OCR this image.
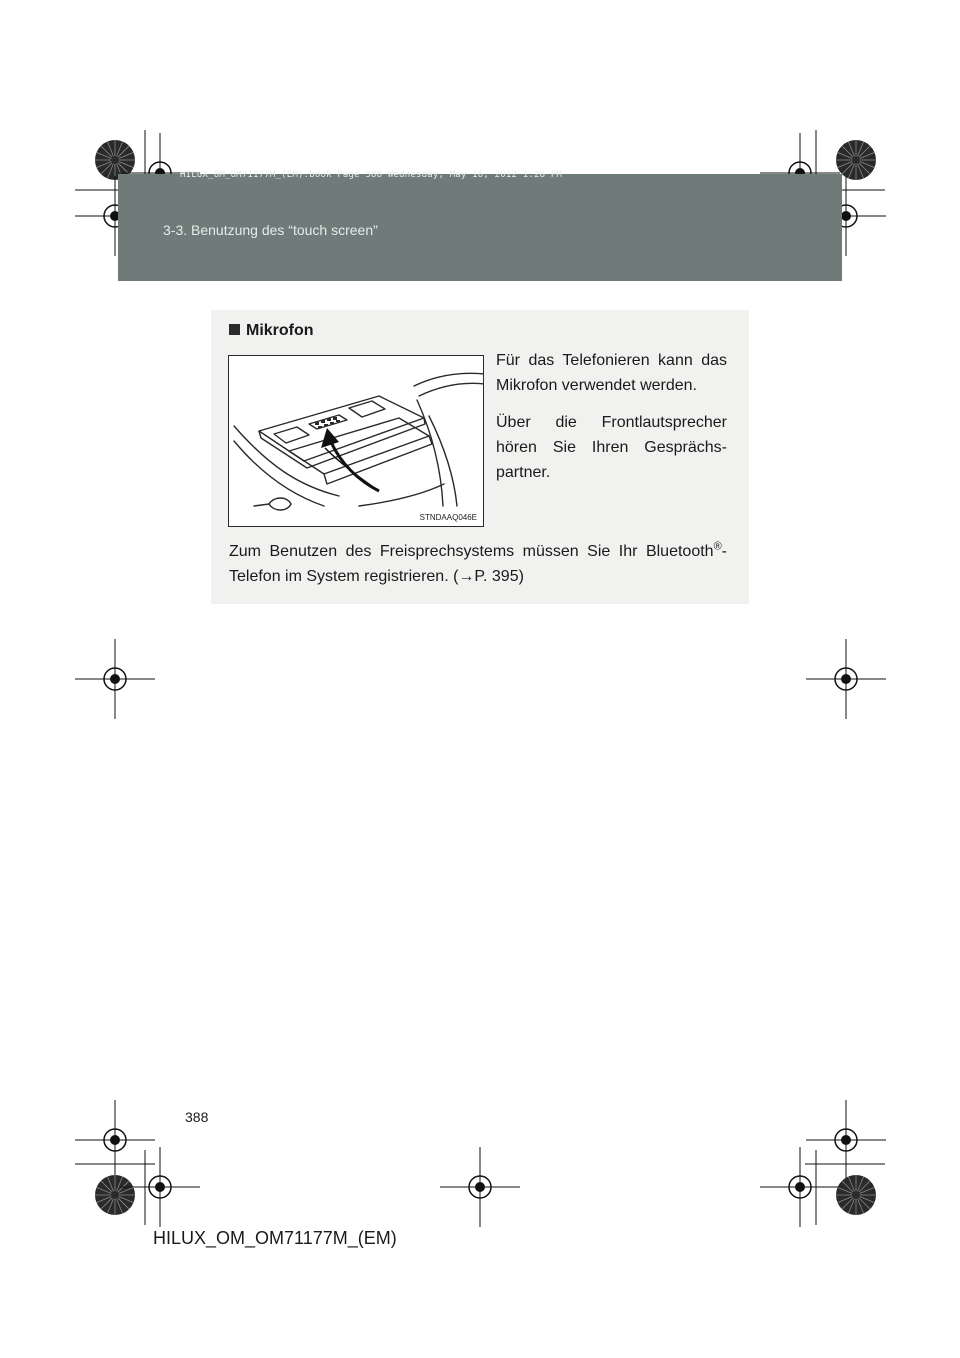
HILUX_OM_OM71177M_(EM).book Page 388 Wednesday, May 16, 2012 1:28 PM
3-3. Benutzung des “touch screen”
Mikrofon
STNDAAQ046E

Für das Telefonieren kann das Mikrofon verwendet werden.

Über die Frontlautsprecher hören Sie Ihren Gesprächs-partner.

Zum Benutzen des Freisprechsystems müssen Sie Ihr Bluetooth®-Telefon im System registrieren. (→P. 395)

388
HILUX_OM_OM71177M_(EM)
